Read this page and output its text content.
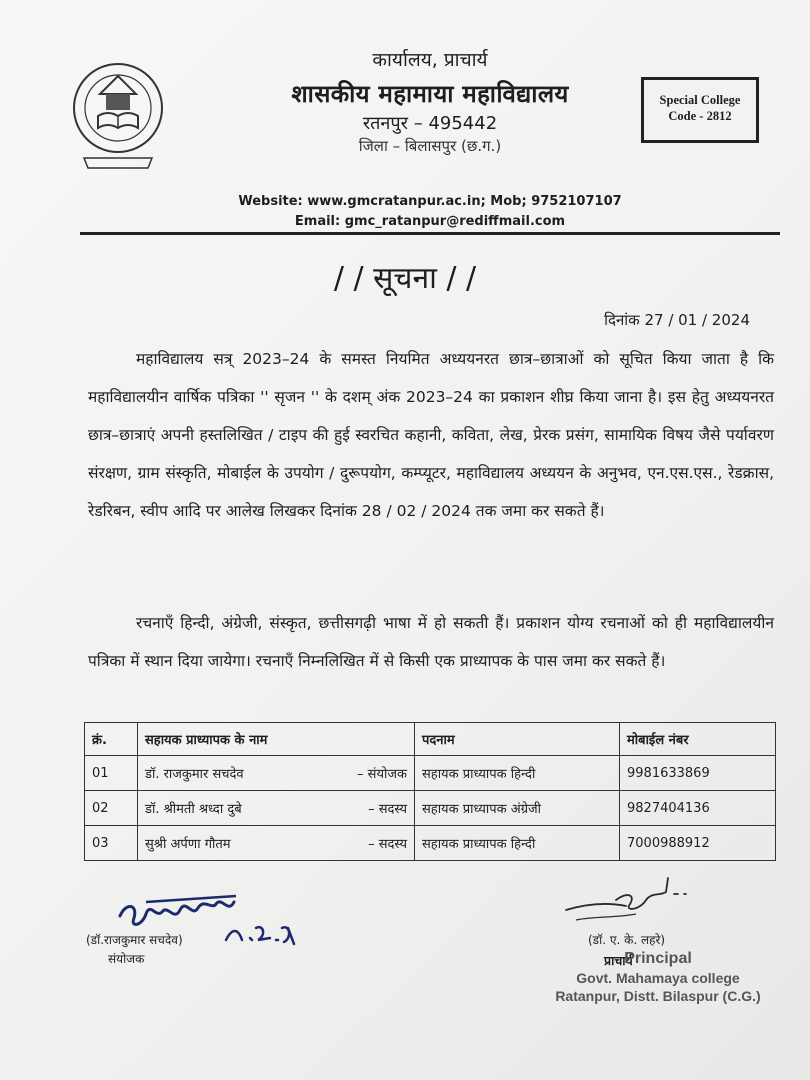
कार्यालय, प्राचार्य
शासकीय महामाया महाविद्यालय
रतनपुर – 495442
जिला – बिलासपुर (छ.ग.)
Special College
Code - 2812
Website: www.gmcratanpur.ac.in; Mob; 9752107107
Email: gmc_ratanpur@rediffmail.com
/ / सूचना / /
दिनांक 27 / 01 / 2024
महाविद्यालय सत्र् 2023–24 के समस्त नियमित अध्ययनरत छात्र–छात्राओं को सूचित किया जाता है कि महाविद्यालयीन वार्षिक पत्रिका '' सृजन '' के दशम् अंक 2023–24 का प्रकाशन शीघ्र किया जाना है। इस हेतु अध्ययनरत छात्र–छात्राएं अपनी हस्तलिखित / टाइप की हुई स्वरचित कहानी, कविता, लेख, प्रेरक प्रसंग, सामायिक विषय जैसे पर्यावरण संरक्षण, ग्राम संस्कृति, मोबाईल के उपयोग / दुरूपयोग, कम्प्यूटर, महाविद्यालय अध्ययन के अनुभव, एन.एस.एस., रेडक्रास, रेडरिबन, स्वीप आदि पर आलेख लिखकर दिनांक 28 / 02 / 2024 तक जमा कर सकते हैं।
रचनाएँ हिन्दी, अंग्रेजी, संस्कृत, छत्तीसगढ़ी भाषा में हो सकती हैं। प्रकाशन योग्य रचनाओं को ही महाविद्यालयीन पत्रिका में स्थान दिया जायेगा। रचनाएँ निम्नलिखित में से किसी एक प्राध्यापक के पास जमा कर सकते हैं।
क्रं.	सहायक प्राध्यापक के नाम	पदनाम	मोबाईल नंबर
01	डॉ. राजकुमार सचदेव – संयोजक	सहायक प्राध्यापक हिन्दी	9981633869
02	डॉ. श्रीमती श्रध्दा दुबे – सदस्य	सहायक प्राध्यापक अंग्रेजी	9827404136
03	सुश्री अर्पणा गौतम – सदस्य	सहायक प्राध्यापक हिन्दी	7000988912
(डॉ.राजकुमार सचदेव)
संयोजक
(डॉ. ए. के. लहरे)
प्राचार्य
Principal
Govt. Mahamaya college
Ratanpur, Distt. Bilaspur (C.G.)
